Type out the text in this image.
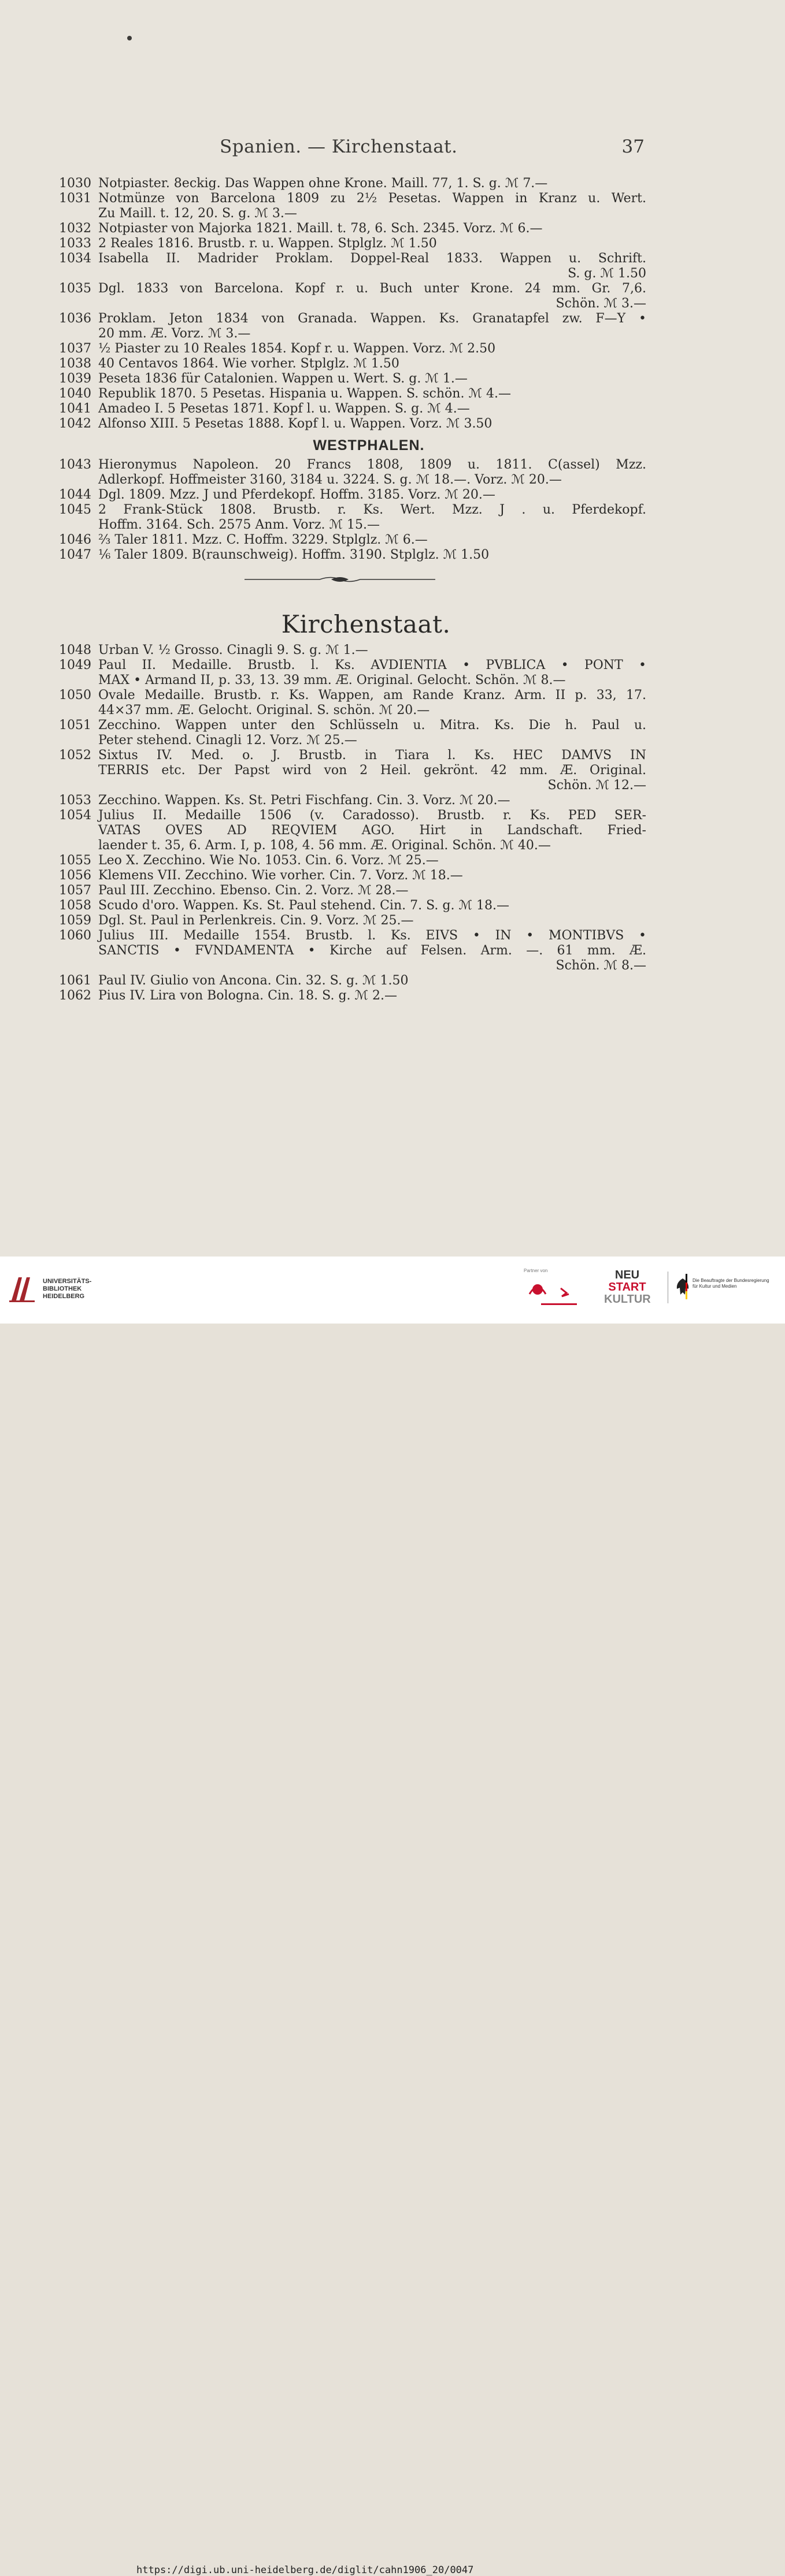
Spanien. — Kirchenstaat.	37
1030 Notpiaster. 8eckig. Das Wappen ohne Krone. Maill. 77, 1. S. g. ℳ 7.—
1031 Notmünze von Barcelona 1809 zu 2½ Pesetas. Wappen in Kranz u. Wert.
Zu Maill. t. 12, 20. S. g. ℳ 3.—
1032 Notpiaster von Majorka 1821. Maill. t. 78, 6. Sch. 2345. Vorz. ℳ 6.—
1033 2 Reales 1816. Brustb. r. u. Wappen. Stplglz. ℳ 1.50
1034 Isabella II. Madrider Proklam. Doppel-Real 1833. Wappen u. Schrift.
S. g. ℳ 1.50
1035 Dgl. 1833 von Barcelona. Kopf r. u. Buch unter Krone. 24 mm. Gr. 7,6.
Schön. ℳ 3.—
1036 Proklam. Jeton 1834 von Granada. Wappen. Ks. Granatapfel zw. F—Y •
20 mm. Æ. Vorz. ℳ 3.—
1037 ½ Piaster zu 10 Reales 1854. Kopf r. u. Wappen. Vorz. ℳ 2.50
1038 40 Centavos 1864. Wie vorher. Stplglz. ℳ 1.50
1039 Peseta 1836 für Catalonien. Wappen u. Wert. S. g. ℳ 1.—
1040 Republik 1870. 5 Pesetas. Hispania u. Wappen. S. schön. ℳ 4.—
1041 Amadeo I. 5 Pesetas 1871. Kopf l. u. Wappen. S. g. ℳ 4.—
1042 Alfonso XIII. 5 Pesetas 1888. Kopf l. u. Wappen. Vorz. ℳ 3.50
WESTPHALEN.
1043 Hieronymus Napoleon. 20 Francs 1808, 1809 u. 1811. C(assel) Mzz.
Adlerkopf. Hoffmeister 3160, 3184 u. 3224. S. g. ℳ 18.—. Vorz. ℳ 20.—
1044 Dgl. 1809. Mzz. J und Pferdekopf. Hoffm. 3185. Vorz. ℳ 20.—
1045 2 Frank-Stück 1808. Brustb. r. Ks. Wert. Mzz. J . u. Pferdekopf.
Hoffm. 3164. Sch. 2575 Anm. Vorz. ℳ 15.—
1046 ⅔ Taler 1811. Mzz. C. Hoffm. 3229. Stplglz. ℳ 6.—
1047 ⅙ Taler 1809. B(raunschweig). Hoffm. 3190. Stplglz. ℳ 1.50
Kirchenstaat.
1048 Urban V. ½ Grosso. Cinagli 9. S. g. ℳ 1.—
1049 Paul II. Medaille. Brustb. l. Ks. AVDIENTIA • PVBLICA • PONT •
MAX • Armand II, p. 33, 13. 39 mm. Æ. Original. Gelocht. Schön. ℳ 8.—
1050 Ovale Medaille. Brustb. r. Ks. Wappen, am Rande Kranz. Arm. II p. 33, 17.
44×37 mm. Æ. Gelocht. Original. S. schön. ℳ 20.—
1051 Zecchino. Wappen unter den Schlüsseln u. Mitra. Ks. Die h. Paul u.
Peter stehend. Cinagli 12. Vorz. ℳ 25.—
1052 Sixtus IV. Med. o. J. Brustb. in Tiara l. Ks. HEC DAMVS IN
TERRIS etc. Der Papst wird von 2 Heil. gekrönt. 42 mm. Æ. Original.
Schön. ℳ 12.—
1053 Zecchino. Wappen. Ks. St. Petri Fischfang. Cin. 3. Vorz. ℳ 20.—
1054 Julius II. Medaille 1506 (v. Caradosso). Brustb. r. Ks. PED SER-
VATAS OVES AD REQVIEM AGO. Hirt in Landschaft. Fried-
laender t. 35, 6. Arm. I, p. 108, 4. 56 mm. Æ. Original. Schön. ℳ 40.—
1055 Leo X. Zecchino. Wie No. 1053. Cin. 6. Vorz. ℳ 25.—
1056 Klemens VII. Zecchino. Wie vorher. Cin. 7. Vorz. ℳ 18.—
1057 Paul III. Zecchino. Ebenso. Cin. 2. Vorz. ℳ 28.—
1058 Scudo d'oro. Wappen. Ks. St. Paul stehend. Cin. 7. S. g. ℳ 18.—
1059 Dgl. St. Paul in Perlenkreis. Cin. 9. Vorz. ℳ 25.—
1060 Julius III. Medaille 1554. Brustb. l. Ks. EIVS • IN • MONTIBVS •
SANCTIS • FVNDAMENTA • Kirche auf Felsen. Arm. —. 61 mm. Æ.
Schön. ℳ 8.—
1061 Paul IV. Giulio von Ancona. Cin. 32. S. g. ℳ 1.50
1062 Pius IV. Lira von Bologna. Cin. 18. S. g. ℳ 2.—
UNIVERSITÄTS-
BIBLIOTHEK
HEIDELBERG
Partner von	NEU
START
KULTUR
Die Beauftragte der Bundesregierung
für Kultur und Medien
https://digi.ub.uni-heidelberg.de/diglit/cahn1906_20/0047
